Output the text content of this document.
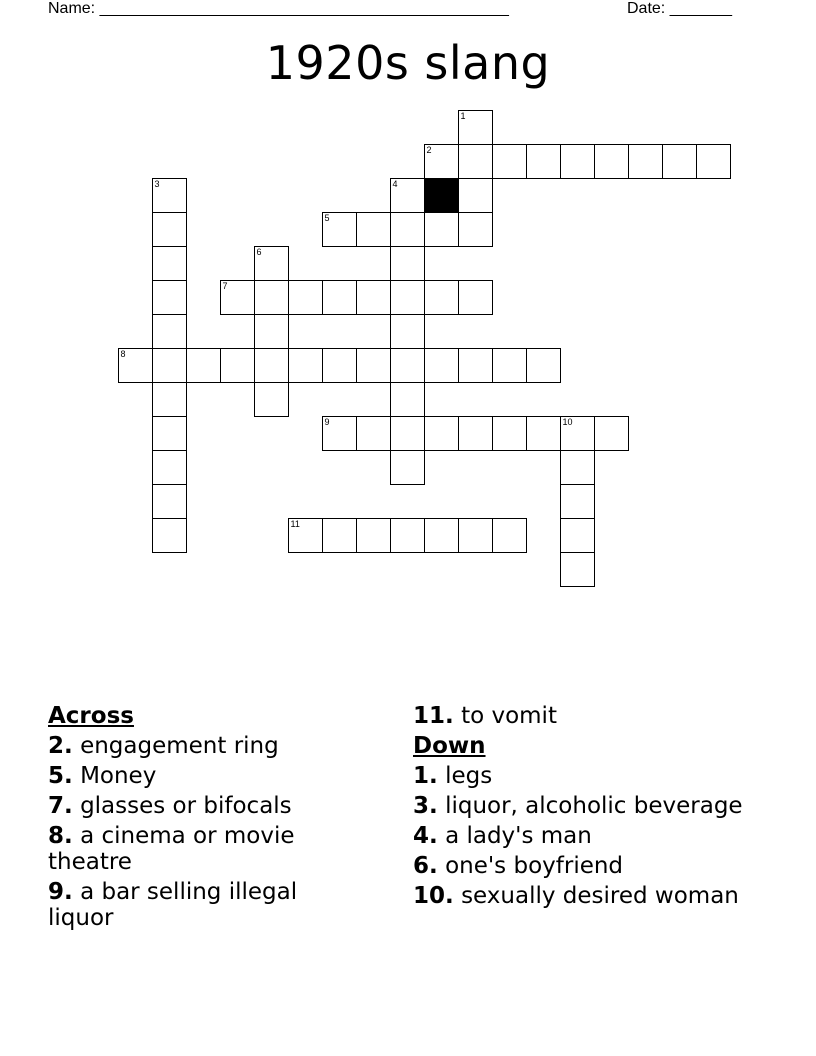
Name: ______________________________________________	Date: _______
1920s slang
1
2
3	4
5
6
7
8
9	10
11
Across
2. engagement ring
5. Money
7. glasses or bifocals
8. a cinema or movie theatre
9. a bar selling illegal liquor
11. to vomit
Down
1. legs
3. liquor, alcoholic beverage
4. a lady's man
6. one's boyfriend
10. sexually desired woman
